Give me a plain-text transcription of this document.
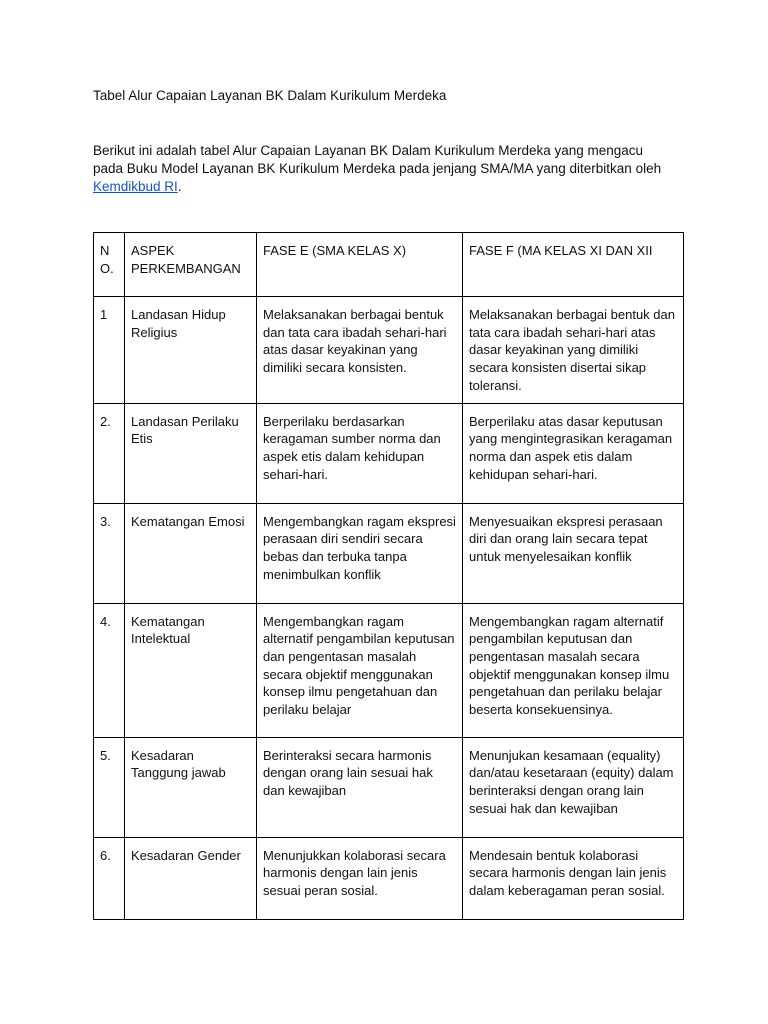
Tabel Alur Capaian Layanan BK Dalam Kurikulum Merdeka

Berikut ini adalah tabel Alur Capaian Layanan BK Dalam Kurikulum Merdeka yang mengacu pada Buku Model Layanan BK Kurikulum Merdeka pada jenjang SMA/MA yang diterbitkan oleh Kemdikbud RI.

NO.	ASPEK PERKEMBANGAN	FASE E (SMA KELAS X)	FASE F (MA KELAS XI DAN XII
1	Landasan Hidup Religius	Melaksanakan berbagai bentuk dan tata cara ibadah sehari-hari atas dasar keyakinan yang dimiliki secara konsisten.	Melaksanakan berbagai bentuk dan tata cara ibadah sehari-hari atas dasar keyakinan yang dimiliki secara konsisten disertai sikap toleransi.
2.	Landasan Perilaku Etis	Berperilaku berdasarkan keragaman sumber norma dan aspek etis dalam kehidupan sehari-hari.	Berperilaku atas dasar keputusan yang mengintegrasikan keragaman norma dan aspek etis dalam kehidupan sehari-hari.
3.	Kematangan Emosi	Mengembangkan ragam ekspresi perasaan diri sendiri secara bebas dan terbuka tanpa menimbulkan konflik	Menyesuaikan ekspresi perasaan diri dan orang lain secara tepat untuk menyelesaikan konflik
4.	Kematangan Intelektual	Mengembangkan ragam alternatif pengambilan keputusan dan pengentasan masalah secara objektif menggunakan konsep ilmu pengetahuan dan perilaku belajar	Mengembangkan ragam alternatif pengambilan keputusan dan pengentasan masalah secara objektif menggunakan konsep ilmu pengetahuan dan perilaku belajar beserta konsekuensinya.
5.	Kesadaran Tanggung jawab	Berinteraksi secara harmonis dengan orang lain sesuai hak dan kewajiban	Menunjukan kesamaan (equality) dan/atau kesetaraan (equity) dalam berinteraksi dengan orang lain sesuai hak dan kewajiban
6.	Kesadaran Gender	Menunjukkan kolaborasi secara harmonis dengan lain jenis sesuai peran sosial.	Mendesain bentuk kolaborasi secara harmonis dengan lain jenis dalam keberagaman peran sosial.
